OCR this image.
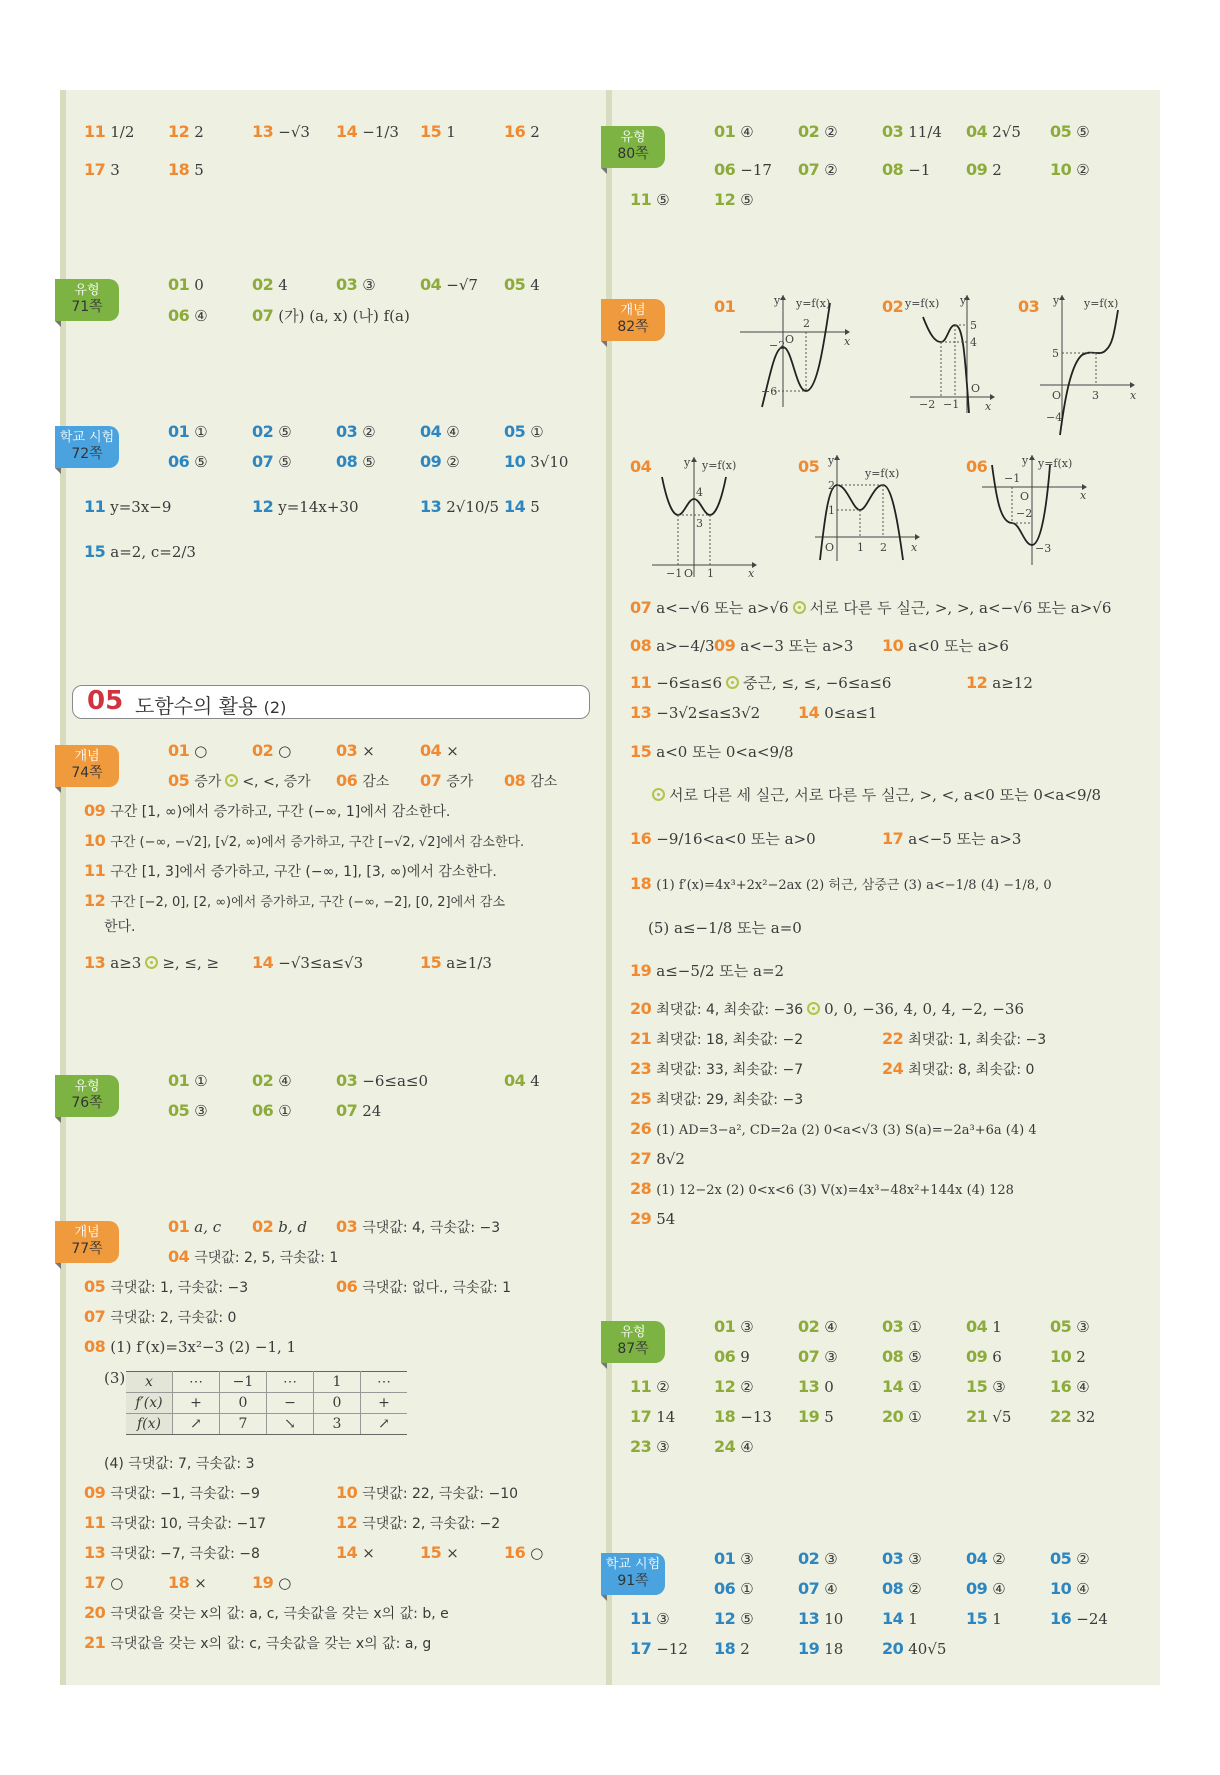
11 1/2 12 2	13 −√3 14 −1/3 15 1	16 2
17 3	18 5
유형
71쪽
01 0	02 4	03 ③	04 −√7 05 4
06 ④	07 (가) (a, x) (나) f(a)
학교 시험
72쪽
01 ①	02 ⑤	03 ②	04 ④	05 ①
06 ⑤	07 ⑤	08 ⑤	09 ②	10 3√10
11 y=3x−9	12 y=14x+30	13 2√10/5 14 5
15 a=2, c=2/3
05 도함수의 활용 (2)
개념
74쪽
01 ○	02 ○	03 ×	04 ×
05 증가 <, <, 증가 06 감소 07 증가 08 감소
09 구간 [1, ∞)에서 증가하고, 구간 (−∞, 1]에서 감소한다.
10 구간 (−∞, −√2], [√2, ∞)에서 증가하고, 구간 [−√2, √2]에서 감소한다.
11 구간 [1, 3]에서 증가하고, 구간 (−∞, 1], [3, ∞)에서 감소한다.
12 구간 [−2, 0], [2, ∞)에서 증가하고, 구간 (−∞, −2], [0, 2]에서 감소
한다.
13 a≥3 ≥, ≤, ≥ 14 −√3≤a≤√3	15 a≥1/3
유형
76쪽
01 ①	02 ④	03 −6≤a≤0	04 4
05 ③	06 ①	07 24
개념
77쪽
01 a, c 02 b, d 03 극댓값: 4, 극솟값: −3
04 극댓값: 2, 5, 극솟값: 1
05 극댓값: 1, 극솟값: −3	06 극댓값: 없다., 극솟값: 1
07 극댓값: 2, 극솟값: 0
08 (1) f′(x)=3x²−3 (2) −1, 1
(3) x	⋯	−1	⋯	1	⋯
f′(x)	+	0	−	0	+
f(x)	↗	7	↘	3	↗
(4) 극댓값: 7, 극솟값: 3
09 극댓값: −1, 극솟값: −9	10 극댓값: 22, 극솟값: −10
11 극댓값: 10, 극솟값: −17	12 극댓값: 2, 극솟값: −2
13 극댓값: −7, 극솟값: −8	14 ×	15 ×	16 ○
17 ○	18 ×	19 ○
20 극댓값을 갖는 x의 값: a, c, 극솟값을 갖는 x의 값: b, e
21 극댓값을 갖는 x의 값: c, 극솟값을 갖는 x의 값: a, g
유형
80쪽
01 ④	02 ②	03 11/4 04 2√5 05 ⑤
06 −17 07 ②	08 −1 09 2	10 ②
11 ⑤	12 ⑤
개념
82쪽
01	y y=f(x)
2
O
−2
−6
x
02 y=f(x) y
5
4
O
−2 −1 x
03	y y=f(x)
5
O	3
−4
x
04	y y=f(x)
4
3
−1 O 1	x
05 y
y=f(x)
2
1
O 1 2 x
06	y y=f(x)
−1
O
−2
−3
x
07 a<−√6 또는 a>√6 서로 다른 두 실근, >, >, a<−√6 또는 a>√6
08 a>−4/3 09 a<−3 또는 a>3 10 a<0 또는 a>6
11 −6≤a≤6 중근, ≤, ≤, −6≤a≤6	12 a≥12
13 −3√2≤a≤3√2 14 0≤a≤1
15 a<0 또는 0<a<9/8
서로 다른 세 실근, 서로 다른 두 실근, >, <, a<0 또는 0<a<9/8
16 −9/16<a<0 또는 a>0	17 a<−5 또는 a>3
18 (1) f′(x)=4x³+2x²−2ax (2) 허근, 삼중근 (3) a<−1/8 (4) −1/8, 0
(5) a≤−1/8 또는 a=0
19 a≤−5/2 또는 a=2
20 최댓값: 4, 최솟값: −36 0, 0, −36, 4, 0, 4, −2, −36
21 최댓값: 18, 최솟값: −2	22 최댓값: 1, 최솟값: −3
23 최댓값: 33, 최솟값: −7	24 최댓값: 8, 최솟값: 0
25 최댓값: 29, 최솟값: −3
26 (1) AD=3−a², CD=2a (2) 0<a<√3 (3) S(a)=−2a³+6a (4) 4
27 8√2
28 (1) 12−2x (2) 0<x<6 (3) V(x)=4x³−48x²+144x (4) 128
29 54
유형
87쪽
01 ③	02 ④	03 ①	04 1	05 ③
06 9	07 ③	08 ⑤	09 6	10 2
11 ②	12 ②	13 0	14 ①	15 ③	16 ④
17 14 18 −13 19 5	20 ①	21 √5 22 32
23 ③	24 ④
학교 시험
91쪽
01 ③	02 ③	03 ③	04 ②	05 ②
06 ①	07 ④	08 ②	09 ④	10 ④
11 ③	12 ⑤	13 10 14 1	15 1	16 −24
17 −12 18 2	19 18 20 40√5
